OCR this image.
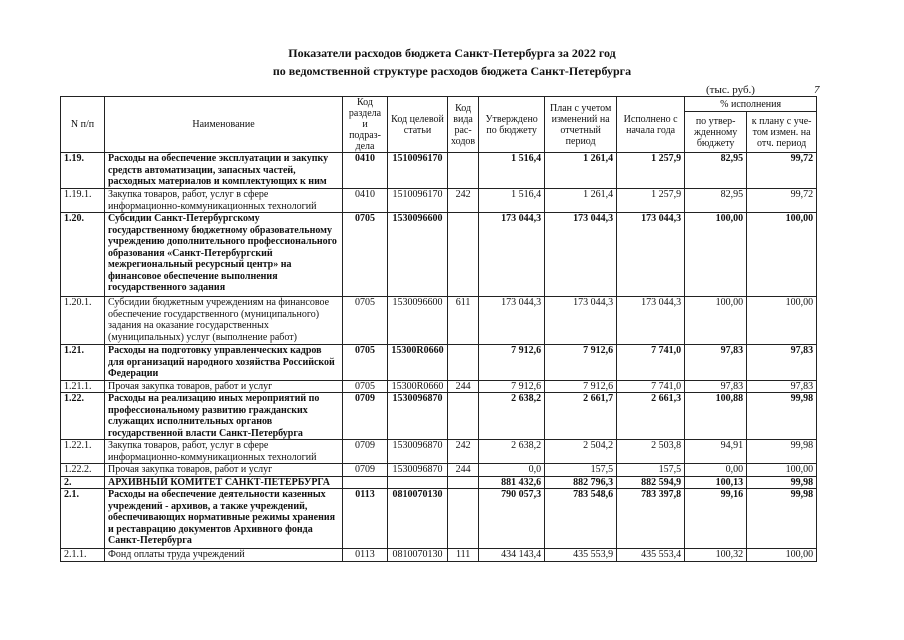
Показатели расходов бюджета Санкт-Петербурга за 2022 год
по ведомственной структуре расходов бюджета Санкт-Петербурга
(тыс. руб.)	7
N п/п	Наименование	Код раздела и подраз-дела	Код целевой статьи	Код вида рас-ходов	Утверждено по бюджету	План с учетом изменений на отчетный период	Исполнено с начала года	% исполнения	
								по утвер-жденному бюджету	к плану с уче-том измен. на отч. период
1.19.	Расходы на обеспечение эксплуатации и закупку средств автоматизации, запасных частей, расходных материалов и комплектующих к ним	0410	1510096170		1 516,4	1 261,4	1 257,9	82,95	99,72
1.19.1.	Закупка товаров, работ, услуг в сфере информационно-коммуникационных технологий	0410	1510096170	242	1 516,4	1 261,4	1 257,9	82,95	99,72
1.20.	Субсидии Санкт-Петербургскому государственному бюджетному образовательному учреждению дополнительного профессионального образования «Санкт-Петербургский межрегиональный ресурсный центр» на финансовое обеспечение выполнения государственного задания	0705	1530096600		173 044,3	173 044,3	173 044,3	100,00	100,00
1.20.1.	Субсидии бюджетным учреждениям на финансовое обеспечение государственного (муниципального) задания на оказание государственных (муниципальных) услуг (выполнение работ)	0705	1530096600	611	173 044,3	173 044,3	173 044,3	100,00	100,00
1.21.	Расходы на подготовку управленческих кадров для организаций народного хозяйства Российской Федерации	0705	15300R0660		7 912,6	7 912,6	7 741,0	97,83	97,83
1.21.1.	Прочая закупка товаров, работ и услуг	0705	15300R0660	244	7 912,6	7 912,6	7 741,0	97,83	97,83
1.22.	Расходы на реализацию иных мероприятий по профессиональному развитию гражданских служащих исполнительных органов государственной власти Санкт-Петербурга	0709	1530096870		2 638,2	2 661,7	2 661,3	100,88	99,98
1.22.1.	Закупка товаров, работ, услуг в сфере информационно-коммуникационных технологий	0709	1530096870	242	2 638,2	2 504,2	2 503,8	94,91	99,98
1.22.2.	Прочая закупка товаров, работ и услуг	0709	1530096870	244	0,0	157,5	157,5	0,00	100,00
2.	АРХИВНЫЙ КОМИТЕТ САНКТ-ПЕТЕРБУРГА				881 432,6	882 796,3	882 594,9	100,13	99,98
2.1.	Расходы на обеспечение деятельности казенных учреждений - архивов, а также учреждений, обеспечивающих нормативные режимы хранения и реставрацию документов Архивного фонда Санкт-Петербурга	0113	0810070130		790 057,3	783 548,6	783 397,8	99,16	99,98
2.1.1.	Фонд оплаты труда учреждений	0113	0810070130	111	434 143,4	435 553,9	435 553,4	100,32	100,00
